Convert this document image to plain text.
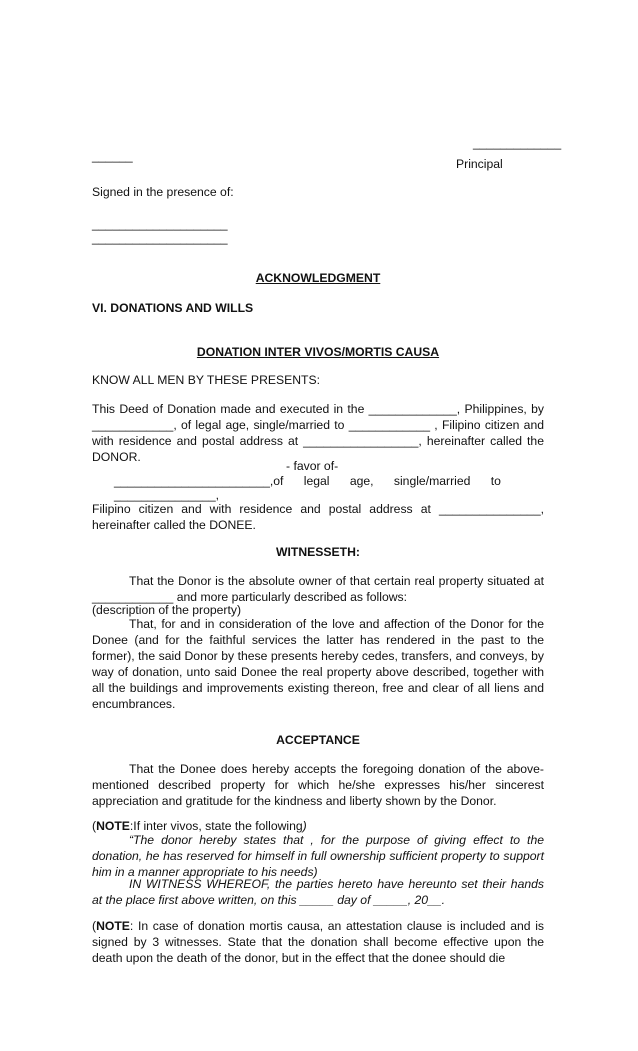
_____________
______
Principal
Signed in the presence of:
____________________
____________________
ACKNOWLEDGMENT
VI. DONATIONS AND WILLS
DONATION INTER VIVOS/MORTIS CAUSA
KNOW ALL MEN BY THESE PRESENTS:

This Deed of Donation made and executed in the _____________, Philippines, by ____________, of legal age, single/married to ____________ , Filipino citizen and with residence and postal address at _________________, hereinafter called the DONOR.

- favor of-
_______________________,of      legal      age,      single/married      to
_______________,

Filipino citizen and with residence and postal address at _______________, hereinafter called the DONEE.

WITNESSETH:

That the Donor is the absolute owner of that certain real property situated at ____________ and more particularly described as follows:

(description of the property)

That, for and in consideration of the love and affection of the Donor for the Donee (and for the faithful services the latter has rendered in the past to the former), the said Donor by these presents hereby cedes, transfers, and conveys, by way of donation, unto said Donee the real property above described, together with all the buildings and improvements existing thereon, free and clear of all liens and encumbrances.

ACCEPTANCE

That the Donee does hereby accepts the foregoing donation of the above-mentioned described property for which he/she expresses his/her sincerest appreciation and gratitude for the kindness and liberty shown by the Donor.

(NOTE:If inter vivos, state the following)

“The donor hereby states that , for the purpose of giving effect to the donation, he has reserved for himself in full ownership sufficient property to support him in a manner appropriate to his needs)

IN WITNESS WHEREOF, the parties hereto have hereunto set their hands at the place first above written, on this _____ day of _____, 20__.

(NOTE: In case of donation mortis causa, an attestation clause is included and is signed by 3 witnesses. State that the donation shall become effective upon the death upon the death of the donor, but in the effect that the donee should die
